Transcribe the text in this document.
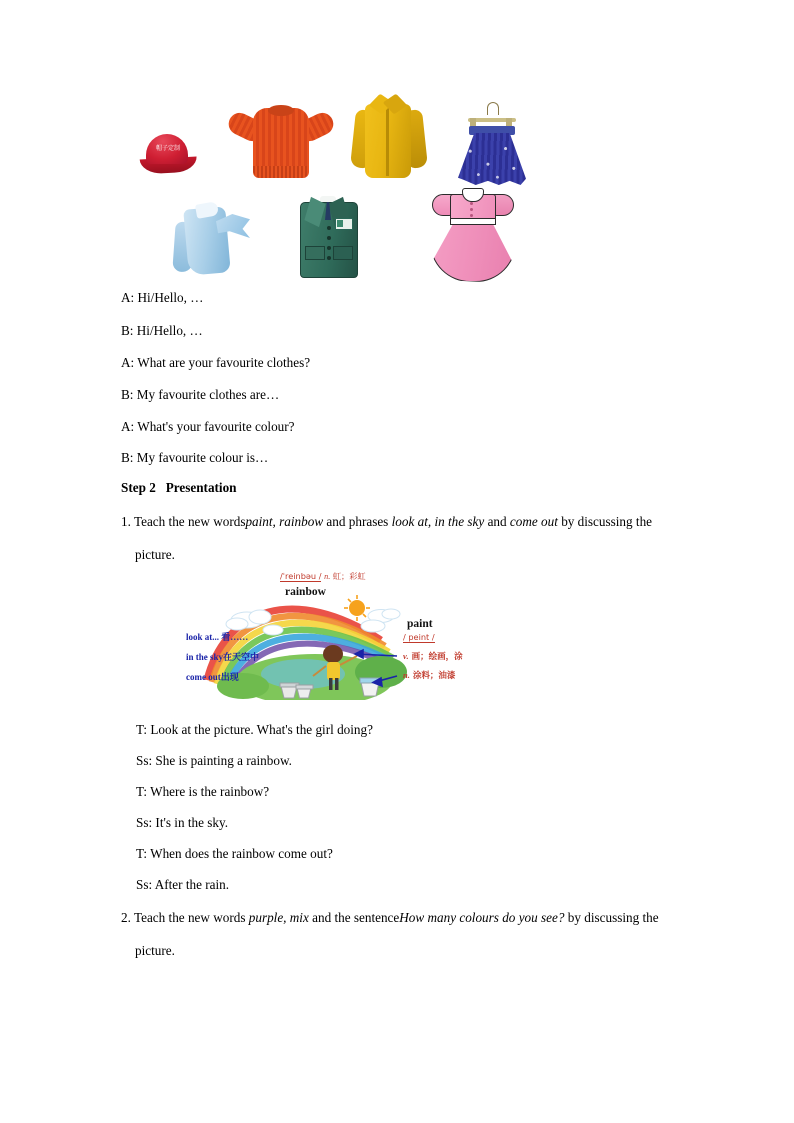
帽子定制
A: Hi/Hello, …
B: Hi/Hello, …
A: What are your favourite clothes?
B: My favourite clothes are…
A: What's your favourite colour?
B: My favourite colour is…
Step 2 Presentation
1. Teach the new wordspaint, rainbow and phrases look at, in the sky and come out by discussing the picture.
/ˈreinbəu / n. 虹；彩虹
rainbow
paint
/ peint /
v. 画；绘画，涂
n. 涂料；油漆
look at... 看……
in the sky在天空中
come out出现
T: Look at the picture. What's the girl doing?
Ss: She is painting a rainbow.
T: Where is the rainbow?
Ss: It's in the sky.
T: When does the rainbow come out?
Ss: After the rain.
2. Teach the new words purple, mix and the sentenceHow many colours do you see? by discussing the picture.
